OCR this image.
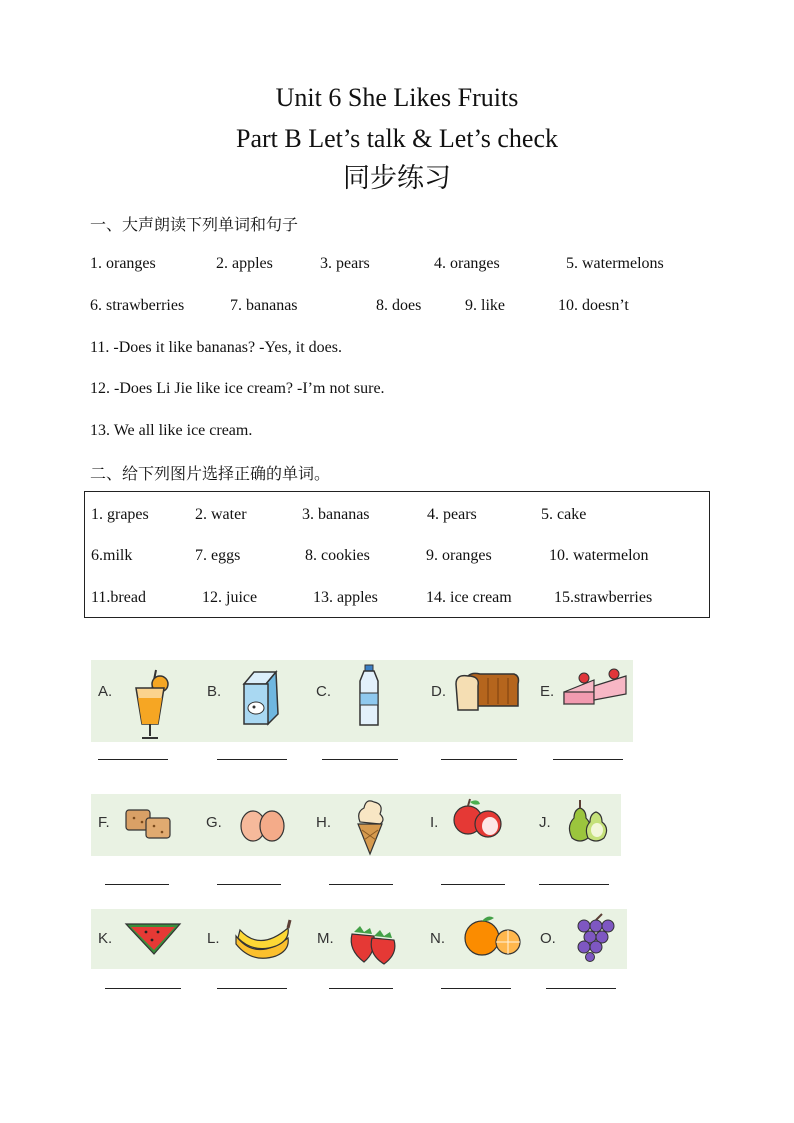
Unit 6 She Likes Fruits
Part B Let’s talk & Let’s check
同步练习
一、大声朗读下列单词和句子
1. oranges	2. apples	3. pears	4. oranges	5. watermelons
6. strawberries	7. bananas	8. does	9. like	10. doesn’t
11. -Does it like bananas? -Yes, it does.
12. -Does Li Jie like ice cream? -I’m not sure.
13. We all like ice cream.
二、给下列图片选择正确的单词。
1. grapes	2. water	3. bananas	4. pears	5. cake
6.milk	7. eggs	8. cookies	9. oranges	10. watermelon
11.bread	12. juice	13. apples	14. ice cream	15.strawberries
A.	B.	C.	D.	E.
F.	G.	H.	I.	J.
K.	L.	M.	N.	O.
